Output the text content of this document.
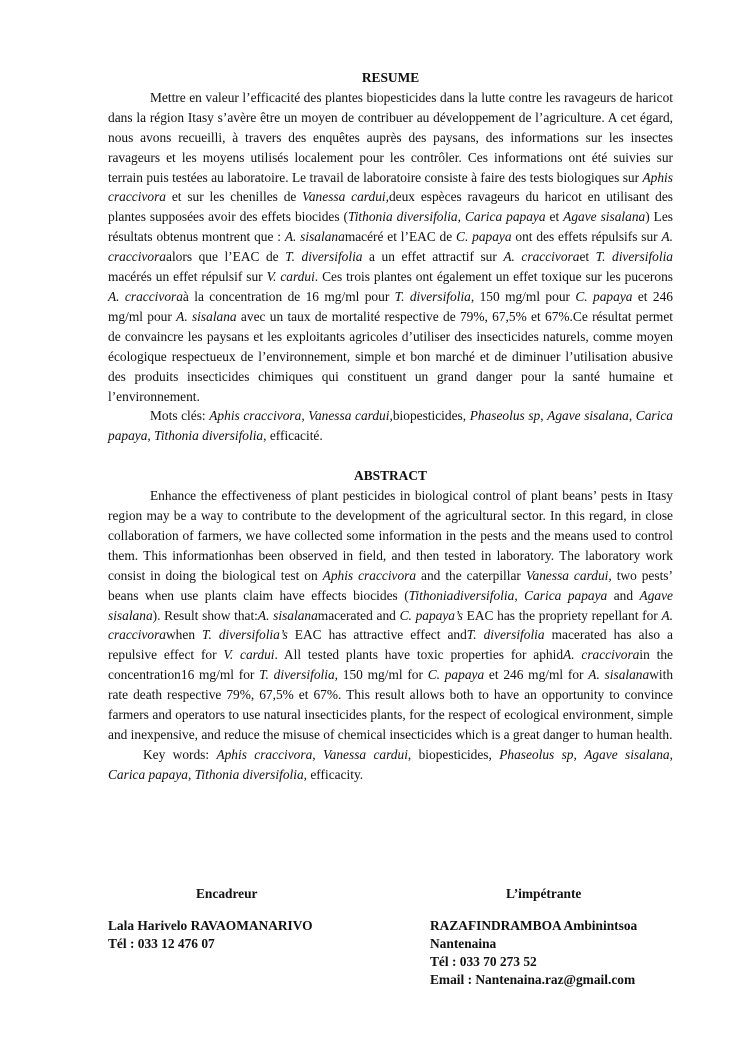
RESUME

Mettre en valeur l’efficacité des plantes biopesticides dans la lutte contre les ravageurs de haricot dans la région Itasy s’avère être un moyen de contribuer au développement de l’agriculture. A cet égard, nous avons recueilli, à travers des enquêtes auprès des paysans, des informations sur les insectes ravageurs et les moyens utilisés localement pour les contrôler. Ces informations ont été suivies sur terrain puis testées au laboratoire. Le travail de laboratoire consiste à faire des tests biologiques sur Aphis craccivora et sur les chenilles de Vanessa cardui,deux espèces ravageurs du haricot en utilisant des plantes supposées avoir des effets biocides (Tithonia diversifolia, Carica papaya et Agave sisalana) Les résultats obtenus montrent que : A. sisalanamacéré et l’EAC de C. papaya ont des effets répulsifs sur A. craccivoraalors que l’EAC de T. diversifolia a un effet attractif sur A. craccivoraet T. diversifolia macérés un effet répulsif sur V. cardui. Ces trois plantes ont également un effet toxique sur les pucerons A. craccivoraà la concentration de 16 mg/ml pour T. diversifolia, 150 mg/ml pour C. papaya et 246 mg/ml pour A. sisalana avec un taux de mortalité respective de 79%, 67,5% et 67%.Ce résultat permet de convaincre les paysans et les exploitants agricoles d’utiliser des insecticides naturels, comme moyen écologique respectueux de l’environnement, simple et bon marché et de diminuer l’utilisation abusive des produits insecticides chimiques qui constituent un grand danger pour la santé humaine et l’environnement.

Mots clés: Aphis craccivora, Vanessa cardui,biopesticides, Phaseolus sp, Agave sisalana, Carica papaya, Tithonia diversifolia, efficacité.

ABSTRACT

Enhance the effectiveness of plant pesticides in biological control of plant beans’ pests in Itasy region may be a way to contribute to the development of the agricultural sector. In this regard, in close collaboration of farmers, we have collected some information in the pests and the means used to control them. This informationhas been observed in field, and then tested in laboratory. The laboratory work consist in doing the biological test on Aphis craccivora and the caterpillar Vanessa cardui, two pests’ beans when use plants claim have effects biocides (Tithoniadiversifolia, Carica papaya and Agave sisalana). Result show that:A. sisalanamacerated and C. papaya’s EAC has the propriety repellant for A. craccivorawhen T. diversifolia’s EAC has attractive effect andT. diversifolia macerated has also a repulsive effect for V. cardui. All tested plants have toxic properties for aphidA. craccivorain the concentration16 mg/ml for T. diversifolia, 150 mg/ml for C. papaya et 246 mg/ml for A. sisalanawith rate death respective 79%, 67,5% et 67%. This result allows both to have an opportunity to convince farmers and operators to use natural insecticides plants, for the respect of ecological environment, simple and inexpensive, and reduce the misuse of chemical insecticides which is a great danger to human health.

Key words: Aphis craccivora, Vanessa cardui, biopesticides, Phaseolus sp, Agave sisalana, Carica papaya, Tithonia diversifolia, efficacity.

Encadreur
Lala Harivelo RAVAOMANARIVO
Tél : 033 12 476 07
L’impétrante
RAZAFINDRAMBOA Ambinintsoa
Nantenaina
Tél : 033 70 273 52
Email : Nantenaina.raz@gmail.com
